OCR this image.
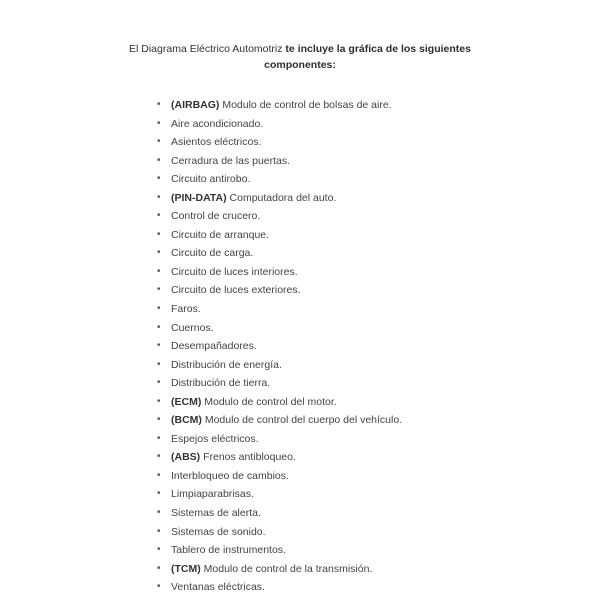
El Diagrama Eléctrico Automotriz te incluye la gráfica de los siguientes componentes:
• (AIRBAG) Modulo de control de bolsas de aire.
• Aire acondicionado.
• Asientos eléctricos.
• Cerradura de las puertas.
• Circuito antirobo.
• (PIN-DATA) Computadora del auto.
• Control de crucero.
• Circuito de arranque.
• Circuito de carga.
• Circuito de luces interiores.
• Circuito de luces exteriores.
• Faros.
• Cuernos.
• Desempañadores.
• Distribución de energía.
• Distribución de tierra.
• (ECM) Modulo de control del motor.
• (BCM) Modulo de control del cuerpo del vehículo.
• Espejos eléctricos.
• (ABS) Frenos antibloqueo.
• Interbloqueo de cambios.
• Limpiaparabrisas.
• Sistemas de alerta.
• Sistemas de sonido.
• Tablero de instrumentos.
• (TCM) Modulo de control de la transmisión.
• Ventanas eléctricas.
